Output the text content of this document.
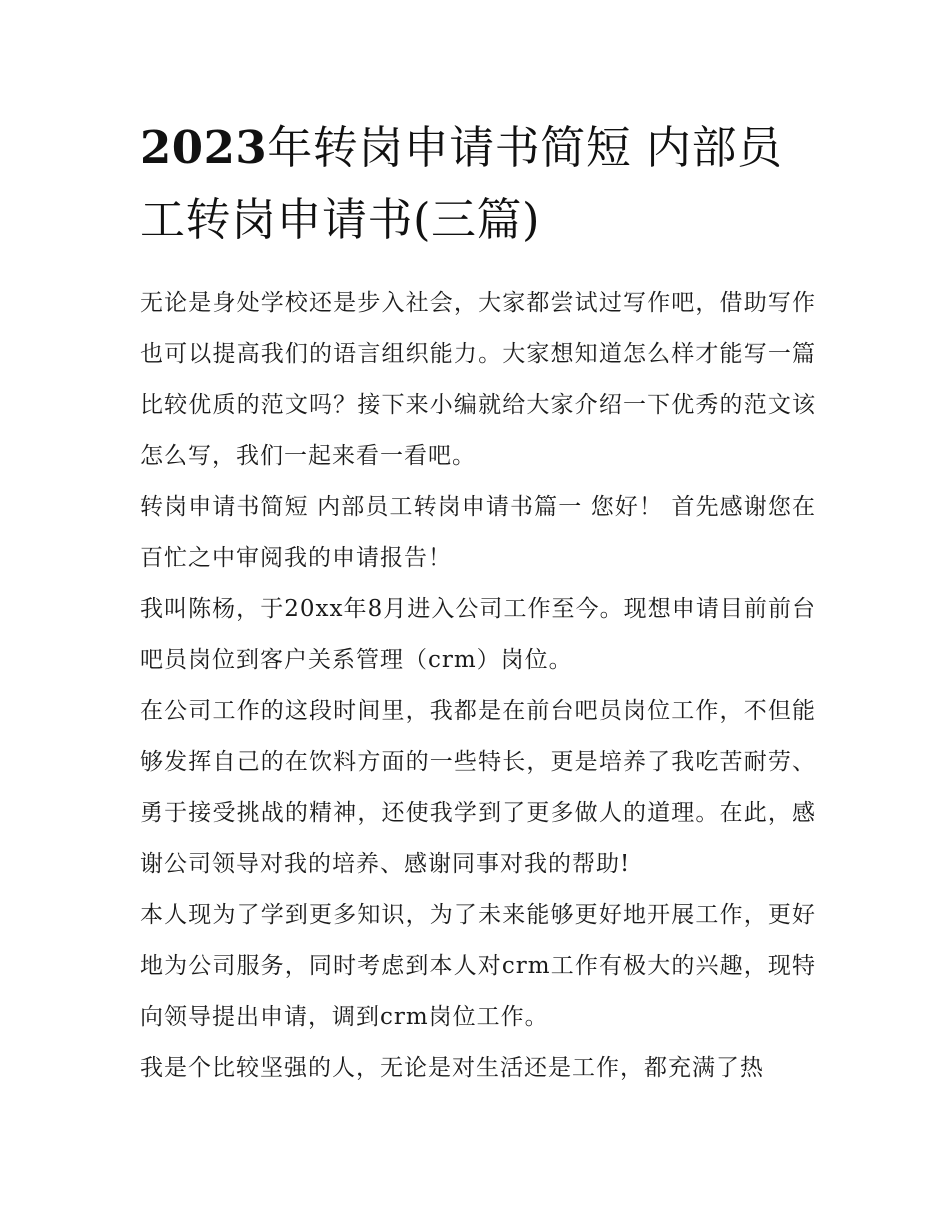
2023年转岗申请书简短 内部员工转岗申请书(三篇)

无论是身处学校还是步入社会，大家都尝试过写作吧，借助写作也可以提高我们的语言组织能力。大家想知道怎么样才能写一篇比较优质的范文吗？接下来小编就给大家介绍一下优秀的范文该怎么写，我们一起来看一看吧。

转岗申请书简短 内部员工转岗申请书篇一 您好！ 首先感谢您在百忙之中审阅我的申请报告！

我叫陈杨，于20xx年8月进入公司工作至今。现想申请目前前台吧员岗位到客户关系管理（crm）岗位。

在公司工作的这段时间里，我都是在前台吧员岗位工作，不但能够发挥自己的在饮料方面的一些特长，更是培养了我吃苦耐劳、勇于接受挑战的精神，还使我学到了更多做人的道理。在此，感谢公司领导对我的培养、感谢同事对我的帮助!

本人现为了学到更多知识，为了未来能够更好地开展工作，更好地为公司服务，同时考虑到本人对crm工作有极大的兴趣，现特向领导提出申请，调到crm岗位工作。

我是个比较坚强的人，无论是对生活还是工作，都充满了热
